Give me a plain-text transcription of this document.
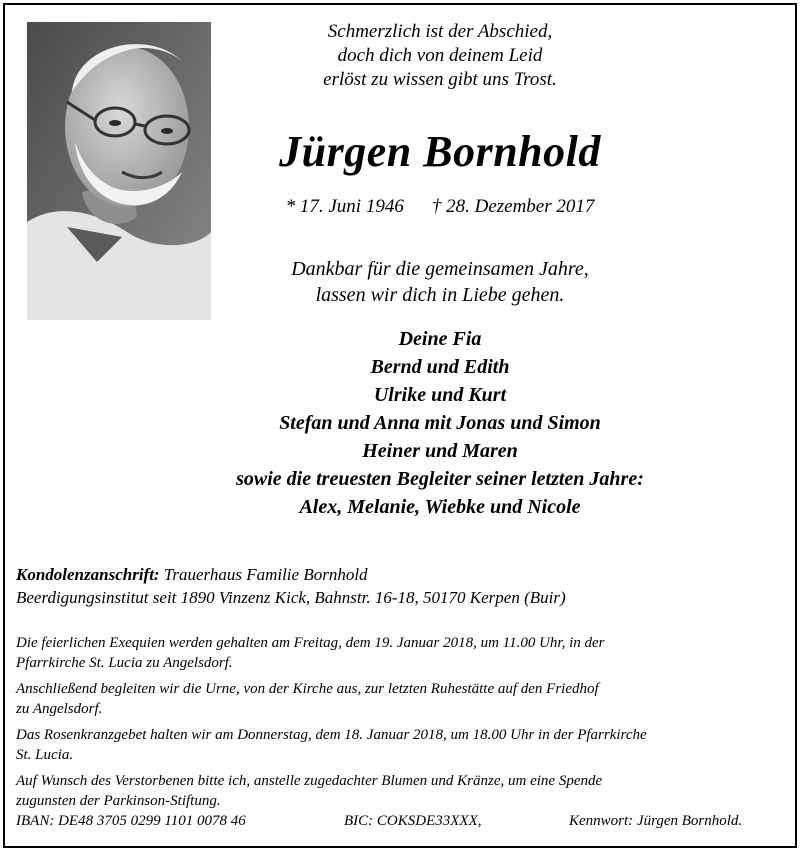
Schmerzlich ist der Abschied,
doch dich von deinem Leid
erlöst zu wissen gibt uns Trost.
Jürgen Bornhold
* 17. Juni 1946 † 28. Dezember 2017
Dankbar für die gemeinsamen Jahre,
lassen wir dich in Liebe gehen.
Deine Fia
Bernd und Edith
Ulrike und Kurt
Stefan und Anna mit Jonas und Simon
Heiner und Maren
sowie die treuesten Begleiter seiner letzten Jahre:
Alex, Melanie, Wiebke und Nicole
Kondolenzanschrift: Trauerhaus Familie Bornhold
Beerdigungsinstitut seit 1890 Vinzenz Kick, Bahnstr. 16-18, 50170 Kerpen (Buir)

Die feierlichen Exequien werden gehalten am Freitag, dem 19. Januar 2018, um 11.00 Uhr, in der
Pfarrkirche St. Lucia zu Angelsdorf.

Anschließend begleiten wir die Urne, von der Kirche aus, zur letzten Ruhestätte auf den Friedhof
zu Angelsdorf.

Das Rosenkranzgebet halten wir am Donnerstag, dem 18. Januar 2018, um 18.00 Uhr in der Pfarrkirche
St. Lucia.

Auf Wunsch des Verstorbenen bitte ich, anstelle zugedachter Blumen und Kränze, um eine Spende
zugunsten der Parkinson-Stiftung.

IBAN: DE48 3705 0299 1101 0078 46	BIC: COKSDE33XXX,	Kennwort: Jürgen Bornhold.
